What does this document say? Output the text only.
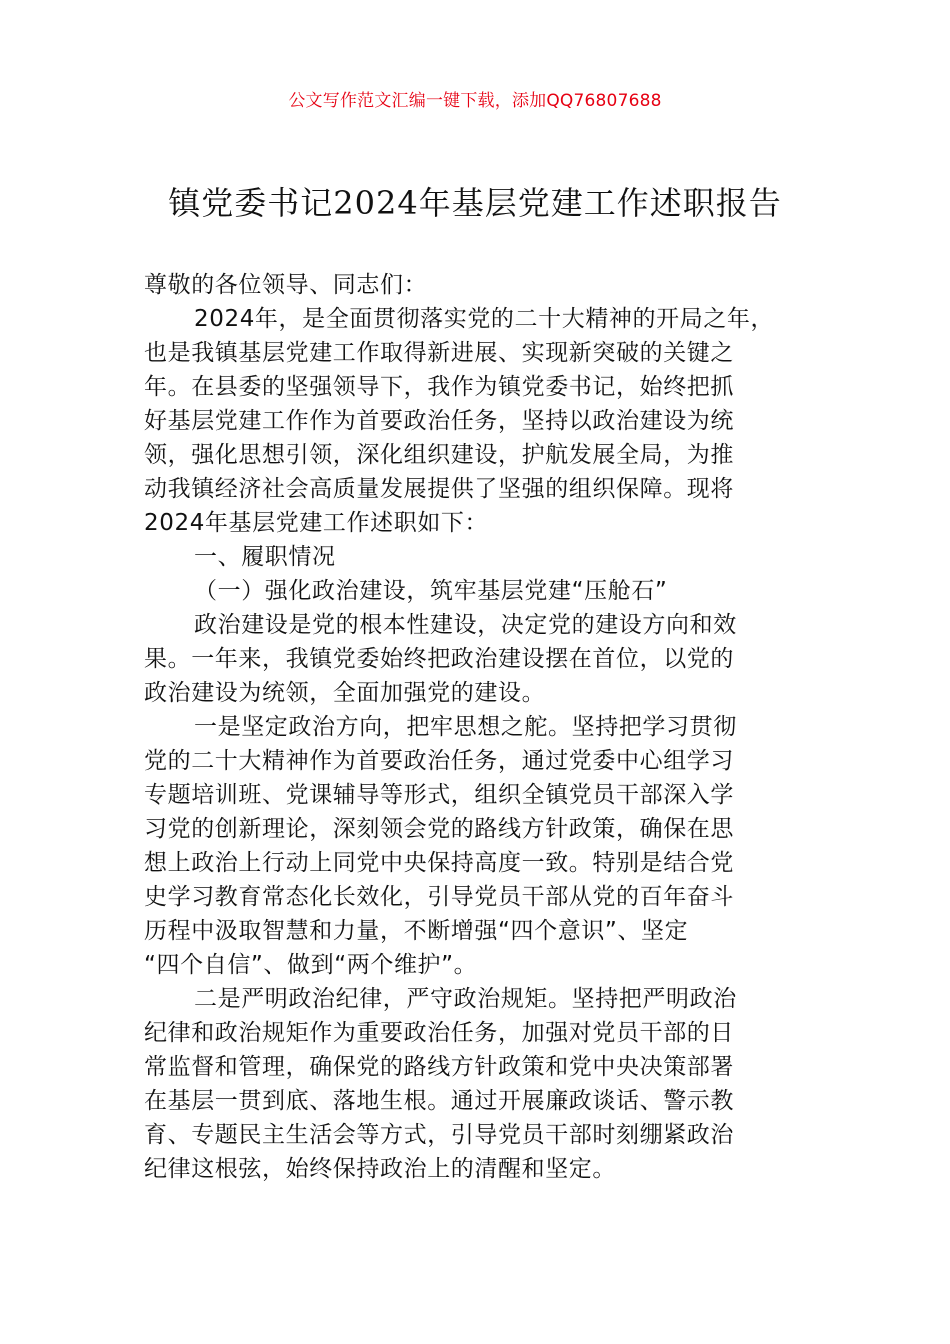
公文写作范文汇编一键下载，添加QQ76807688
镇党委书记2024年基层党建工作述职报告
尊敬的各位领导、同志们：
2024年，是全面贯彻落实党的二十大精神的开局之年，
也是我镇基层党建工作取得新进展、实现新突破的关键之
年。在县委的坚强领导下，我作为镇党委书记，始终把抓
好基层党建工作作为首要政治任务，坚持以政治建设为统
领，强化思想引领，深化组织建设，护航发展全局，为推
动我镇经济社会高质量发展提供了坚强的组织保障。现将
2024年基层党建工作述职如下：
一、履职情况
（一）强化政治建设，筑牢基层党建“压舱石”
政治建设是党的根本性建设，决定党的建设方向和效
果。一年来，我镇党委始终把政治建设摆在首位，以党的
政治建设为统领，全面加强党的建设。
一是坚定政治方向，把牢思想之舵。坚持把学习贯彻
党的二十大精神作为首要政治任务，通过党委中心组学习
专题培训班、党课辅导等形式，组织全镇党员干部深入学
习党的创新理论，深刻领会党的路线方针政策，确保在思
想上政治上行动上同党中央保持高度一致。特别是结合党
史学习教育常态化长效化，引导党员干部从党的百年奋斗
历程中汲取智慧和力量，不断增强“四个意识”、坚定
“四个自信”、做到“两个维护”。
二是严明政治纪律，严守政治规矩。坚持把严明政治
纪律和政治规矩作为重要政治任务，加强对党员干部的日
常监督和管理，确保党的路线方针政策和党中央决策部署
在基层一贯到底、落地生根。通过开展廉政谈话、警示教
育、专题民主生活会等方式，引导党员干部时刻绷紧政治
纪律这根弦，始终保持政治上的清醒和坚定。
